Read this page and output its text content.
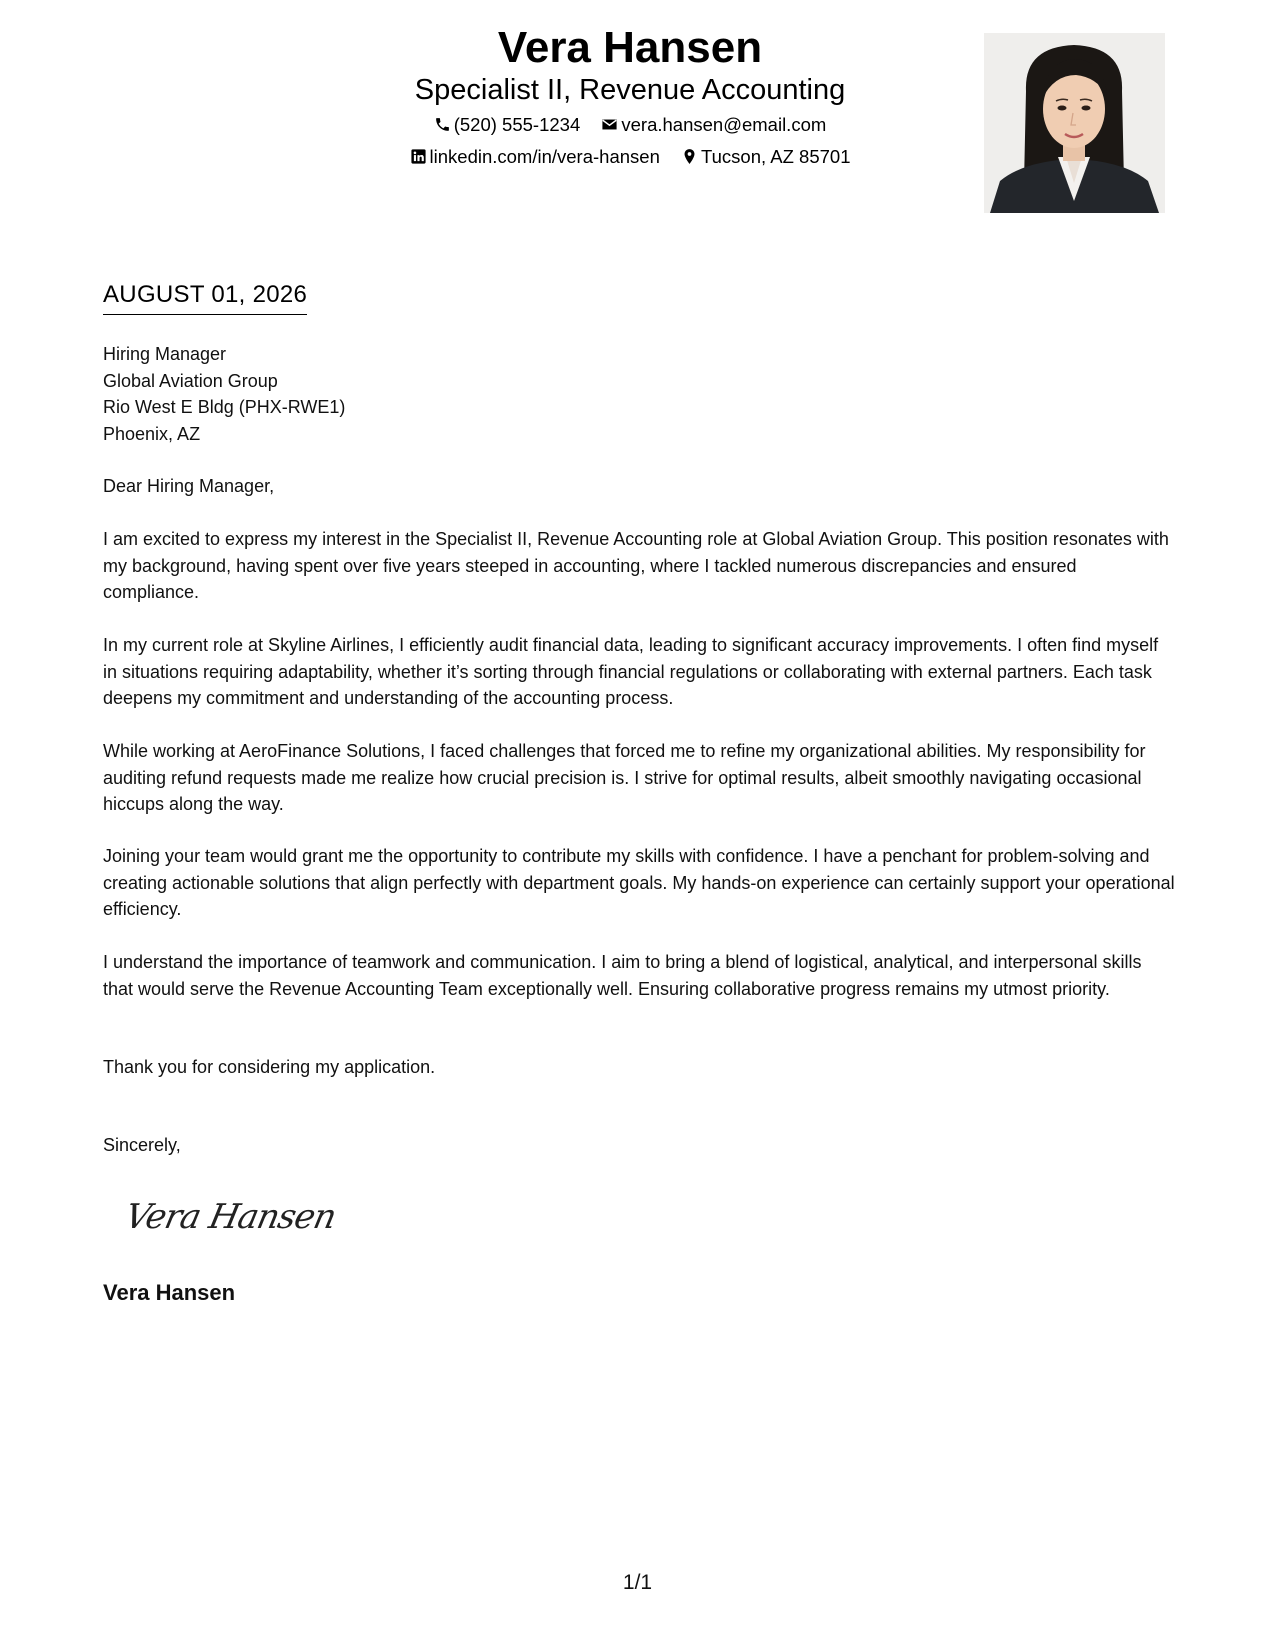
Vera Hansen
Specialist II, Revenue Accounting
(520) 555-1234 vera.hansen@email.com
linkedin.com/in/vera-hansen Tucson, AZ 85701
AUGUST 01, 2026
Hiring Manager
Global Aviation Group
Rio West E Bldg (PHX-RWE1)
Phoenix, AZ
Dear Hiring Manager,
I am excited to express my interest in the Specialist II, Revenue Accounting role at Global Aviation Group. This position resonates with my background, having spent over five years steeped in accounting, where I tackled numerous discrepancies and ensured compliance.
In my current role at Skyline Airlines, I efficiently audit financial data, leading to significant accuracy improvements. I often find myself in situations requiring adaptability, whether it’s sorting through financial regulations or collaborating with external partners. Each task deepens my commitment and understanding of the accounting process.
While working at AeroFinance Solutions, I faced challenges that forced me to refine my organizational abilities. My responsibility for auditing refund requests made me realize how crucial precision is. I strive for optimal results, albeit smoothly navigating occasional hiccups along the way.
Joining your team would grant me the opportunity to contribute my skills with confidence. I have a penchant for problem-solving and creating actionable solutions that align perfectly with department goals. My hands-on experience can certainly support your operational efficiency.
I understand the importance of teamwork and communication. I aim to bring a blend of logistical, analytical, and interpersonal skills that would serve the Revenue Accounting Team exceptionally well. Ensuring collaborative progress remains my utmost priority.
Thank you for considering my application.
Sincerely,
Vera Hansen
Vera Hansen
1/1
